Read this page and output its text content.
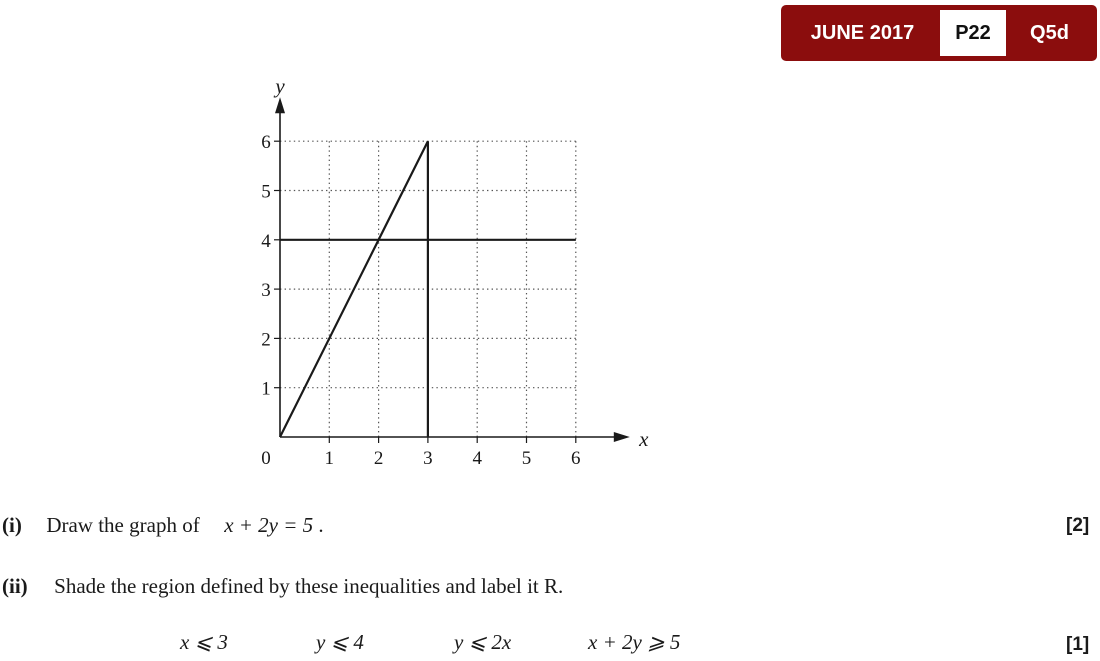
JUNE 2017	P22	Q5d
0	1 2 3 4 5 6
1
2
3
4
5
6
x
y
(i) Draw the graph of x + 2y = 5 .	[2]
(ii) Shade the region defined by these inequalities and label it R.
x ⩽ 3	y ⩽ 4	y ⩽ 2x	x + 2y ⩾ 5	[1]
